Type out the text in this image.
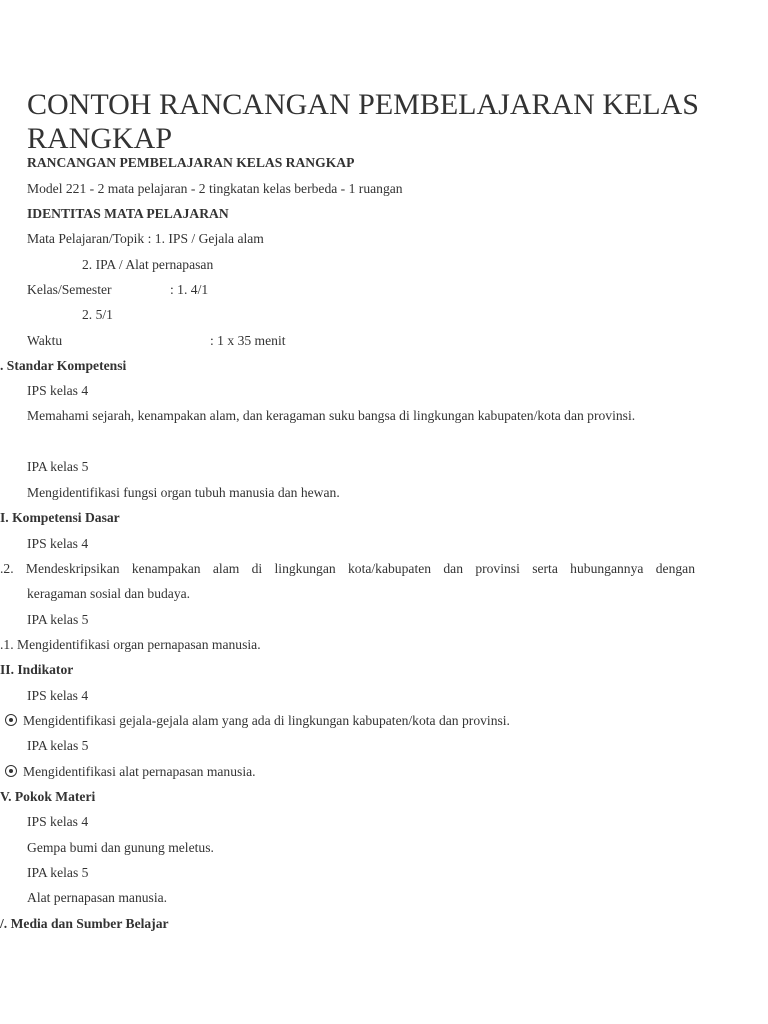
CONTOH RANCANGAN PEMBELAJARAN KELAS RANGKAP
RANCANGAN PEMBELAJARAN KELAS RANGKAP
Model 221 - 2 mata pelajaran - 2 tingkatan kelas berbeda - 1 ruangan
IDENTITAS MATA PELAJARAN
Mata Pelajaran/Topik : 1. IPS / Gejala alam
2. IPA / Alat pernapasan
Kelas/Semester	: 1. 4/1
2. 5/1
Waktu	: 1 x 35 menit
. Standar Kompetensi
IPS kelas 4
Memahami sejarah, kenampakan alam, dan keragaman suku bangsa di lingkungan kabupaten/kota dan provinsi.
IPA kelas 5
Mengidentifikasi fungsi organ tubuh manusia dan hewan.
I. Kompetensi Dasar
IPS kelas 4
.2. Mendeskripsikan kenampakan alam di lingkungan kota/kabupaten dan provinsi serta hubungannya dengan
keragaman sosial dan budaya.
IPA kelas 5
.1. Mengidentifikasi organ pernapasan manusia.
II. Indikator
IPS kelas 4
Mengidentifikasi gejala-gejala alam yang ada di lingkungan kabupaten/kota dan provinsi.
IPA kelas 5
Mengidentifikasi alat pernapasan manusia.
V. Pokok Materi
IPS kelas 4
Gempa bumi dan gunung meletus.
IPA kelas 5
Alat pernapasan manusia.
/. Media dan Sumber Belajar
